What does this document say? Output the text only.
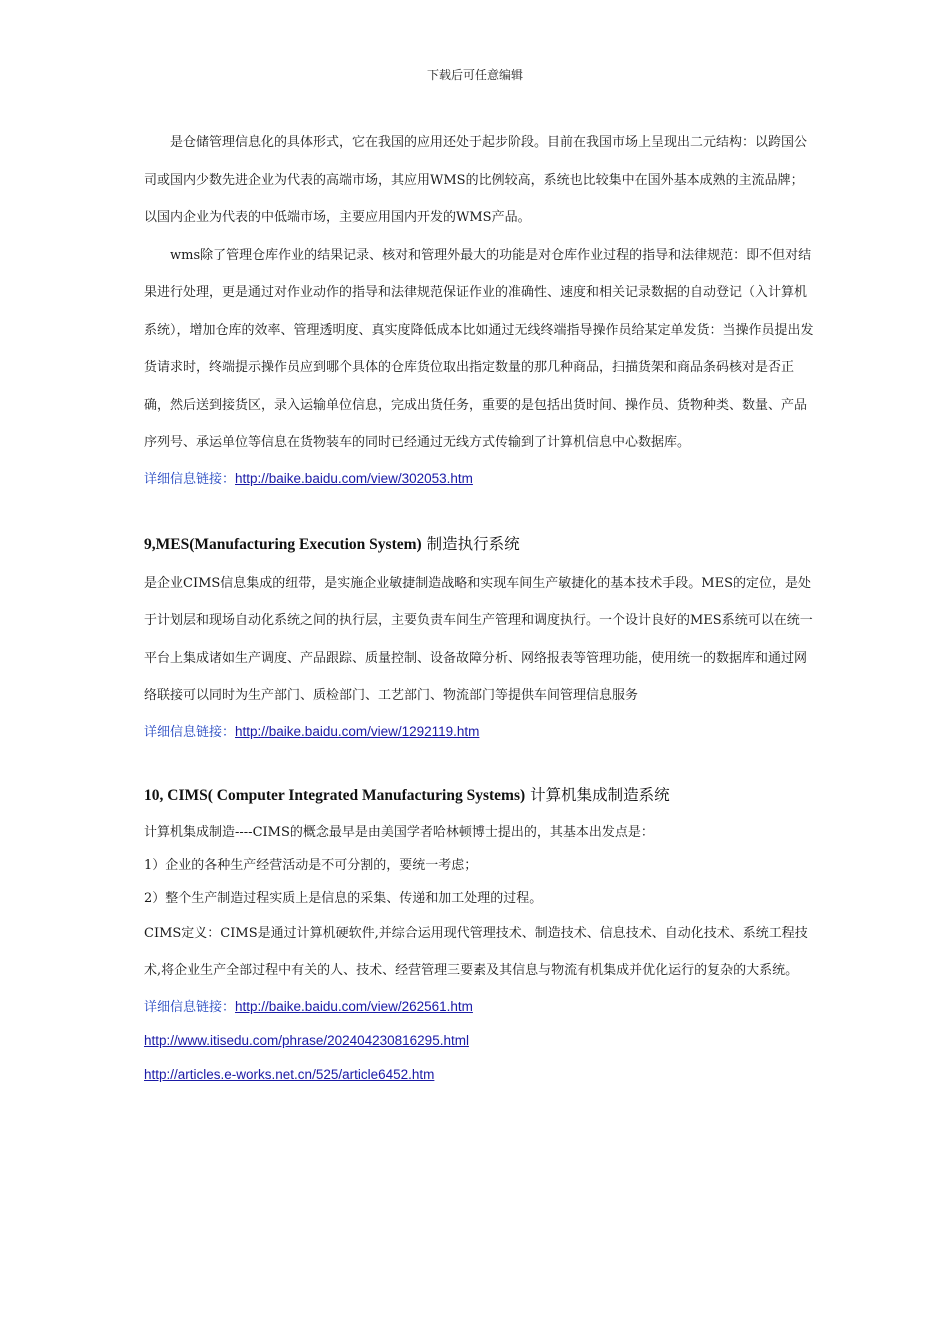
下载后可任意编辑

是仓储管理信息化的具体形式，它在我国的应用还处于起步阶段。目前在我国市场上呈现出二元结构：以跨国公司或国内少数先进企业为代表的高端市场，其应用WMS的比例较高，系统也比较集中在国外基本成熟的主流品牌；以国内企业为代表的中低端市场，主要应用国内开发的WMS产品。

wms除了管理仓库作业的结果记录、核对和管理外最大的功能是对仓库作业过程的指导和法律规范：即不但对结果进行处理，更是通过对作业动作的指导和法律规范保证作业的准确性、速度和相关记录数据的自动登记（入计算机系统），增加仓库的效率、管理透明度、真实度降低成本比如通过无线终端指导操作员给某定单发货：当操作员提出发货请求时，终端提示操作员应到哪个具体的仓库货位取出指定数量的那几种商品，扫描货架和商品条码核对是否正确，然后送到接货区，录入运输单位信息，完成出货任务，重要的是包括出货时间、操作员、货物种类、数量、产品序列号、承运单位等信息在货物装车的同时已经通过无线方式传输到了计算机信息中心数据库。

详细信息链接：http://baike.baidu.com/view/302053.htm

9,MES(Manufacturing Execution System) 制造执行系统

是企业CIMS信息集成的纽带，是实施企业敏捷制造战略和实现车间生产敏捷化的基本技术手段。MES的定位，是处于计划层和现场自动化系统之间的执行层，主要负责车间生产管理和调度执行。一个设计良好的MES系统可以在统一平台上集成诸如生产调度、产品跟踪、质量控制、设备故障分析、网络报表等管理功能，使用统一的数据库和通过网络联接可以同时为生产部门、质检部门、工艺部门、物流部门等提供车间管理信息服务

详细信息链接：http://baike.baidu.com/view/1292119.htm

10, CIMS( Computer Integrated Manufacturing Systems) 计算机集成制造系统

计算机集成制造----CIMS的概念最早是由美国学者哈林顿博士提出的，其基本出发点是：

1）企业的各种生产经营活动是不可分割的，要统一考虑；

2）整个生产制造过程实质上是信息的采集、传递和加工处理的过程。

CIMS定义：CIMS是通过计算机硬软件,并综合运用现代管理技术、制造技术、信息技术、自动化技术、系统工程技术,将企业生产全部过程中有关的人、技术、经营管理三要素及其信息与物流有机集成并优化运行的复杂的大系统。

详细信息链接：http://baike.baidu.com/view/262561.htm

http://www.itisedu.com/phrase/202404230816295.html

http://articles.e-works.net.cn/525/article6452.htm
